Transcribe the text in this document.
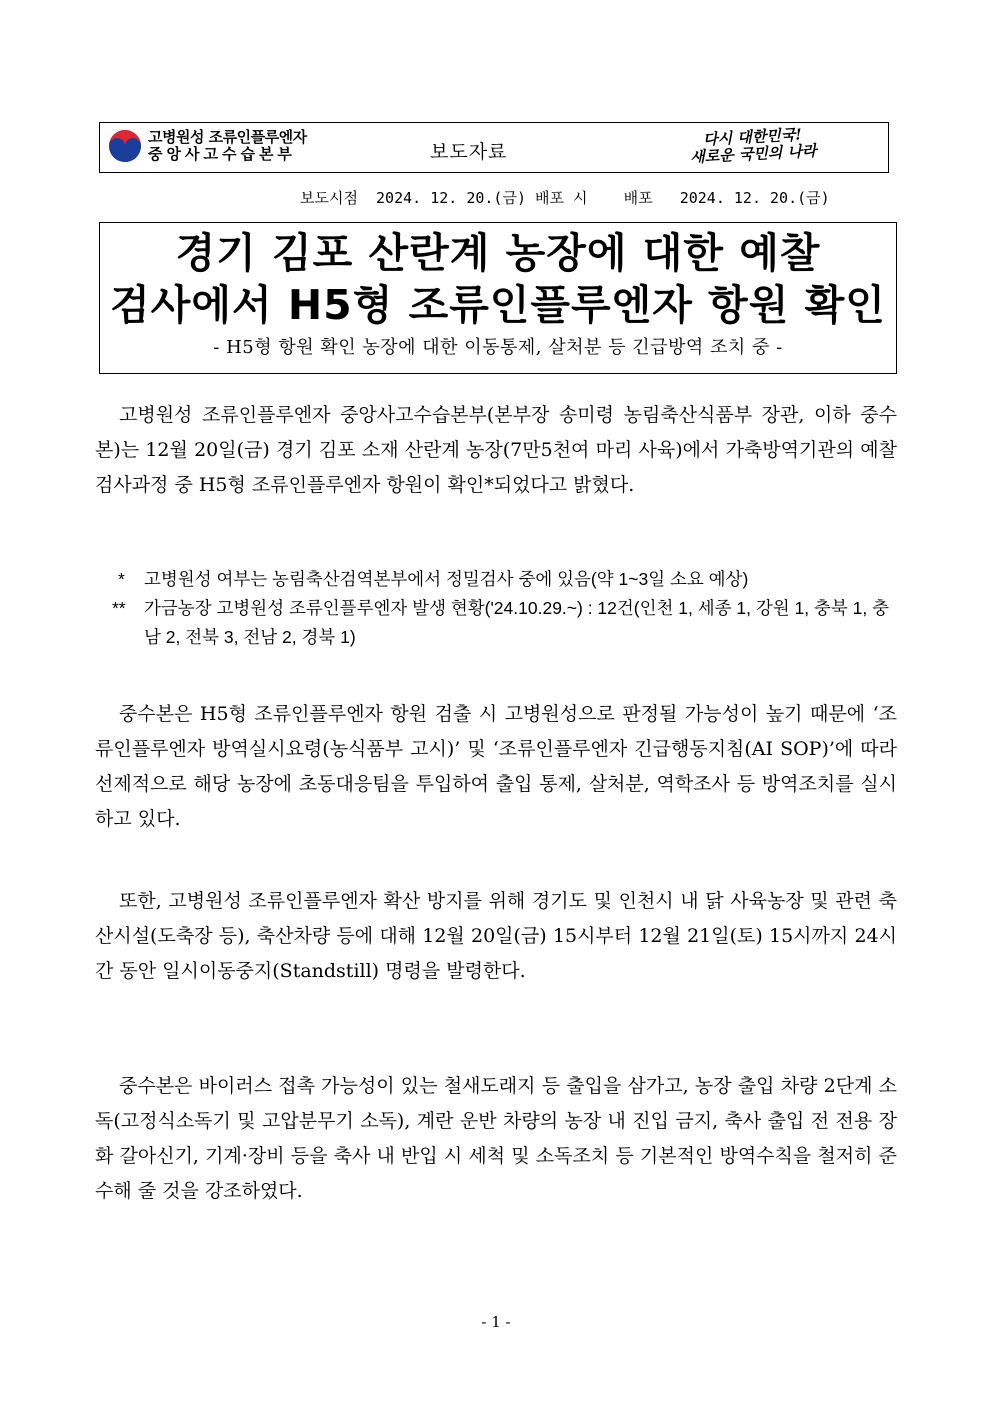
고병원성 조류인플루엔자
중앙사고수습본부	보도자료
다시 대한민국!
새로운 국민의 나라
보도시점 2024. 12. 20.(금) 배포 시 배포 2024. 12. 20.(금)
경기 김포 산란계 농장에 대한 예찰
검사에서 H5형 조류인플루엔자 항원 확인
- H5형 항원 확인 농장에 대한 이동통제, 살처분 등 긴급방역 조치 중 -
고병원성 조류인플루엔자 중앙사고수습본부(본부장 송미령 농림축산식품부 장관, 이하 중수본)는 12월 20일(금) 경기 김포 소재 산란계 농장(7만5천여 마리 사육)에서 가축방역기관의 예찰 검사과정 중 H5형 조류인플루엔자 항원이 확인*되었다고 밝혔다.
* 고병원성 여부는 농림축산검역본부에서 정밀검사 중에 있음(약 1~3일 소요 예상)
** 가금농장 고병원성 조류인플루엔자 발생 현황('24.10.29.~) : 12건(인천 1, 세종 1, 강원 1, 충북 1, 충남 2, 전북 3, 전남 2, 경북 1)
중수본은 H5형 조류인플루엔자 항원 검출 시 고병원성으로 판정될 가능성이 높기 때문에 ‘조류인플루엔자 방역실시요령(농식품부 고시)’ 및 ‘조류인플루엔자 긴급행동지침(AI SOP)’에 따라 선제적으로 해당 농장에 초동대응팀을 투입하여 출입 통제, 살처분, 역학조사 등 방역조치를 실시하고 있다.
또한, 고병원성 조류인플루엔자 확산 방지를 위해 경기도 및 인천시 내 닭 사육농장 및 관련 축산시설(도축장 등), 축산차량 등에 대해 12월 20일(금) 15시부터 12월 21일(토) 15시까지 24시간 동안 일시이동중지(Standstill) 명령을 발령한다.
중수본은 바이러스 접촉 가능성이 있는 철새도래지 등 출입을 삼가고, 농장 출입 차량 2단계 소독(고정식소독기 및 고압분무기 소독), 계란 운반 차량의 농장 내 진입 금지, 축사 출입 전 전용 장화 갈아신기, 기계·장비 등을 축사 내 반입 시 세척 및 소독조치 등 기본적인 방역수칙을 철저히 준수해 줄 것을 강조하였다.
- 1 -
